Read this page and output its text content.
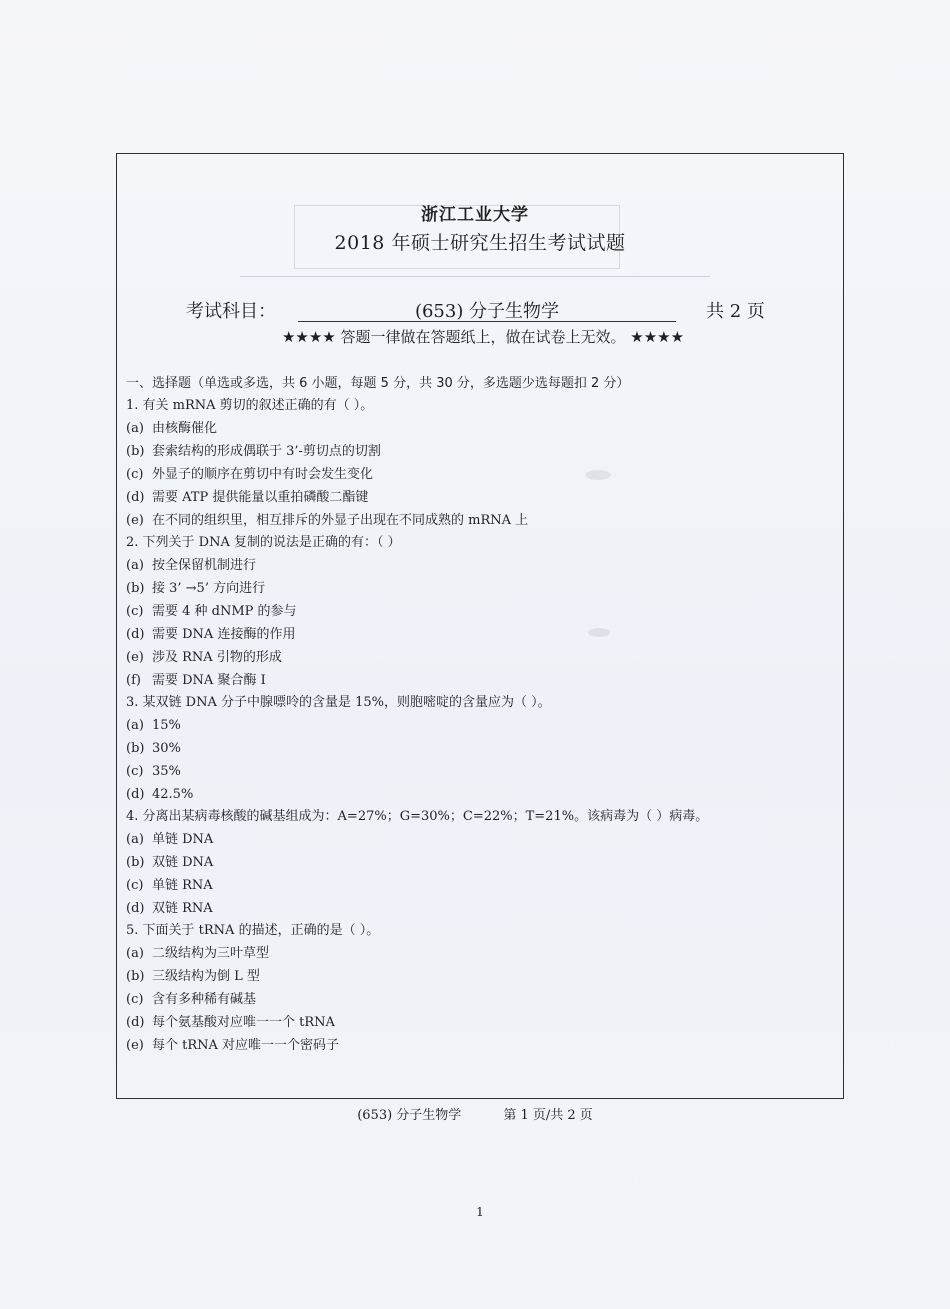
浙江工业大学
2018 年硕士研究生招生考试试题
考试科目：	(653) 分子生物学	共 2 页
★★★★ 答题一律做在答题纸上，做在试卷上无效。 ★★★★
一、选择题（单选或多选，共 6 小题，每题 5 分，共 30 分，多选题少选每题扣 2 分）
1. 有关 mRNA 剪切的叙述正确的有（ ）。
(a) 由核酶催化
(b) 套索结构的形成偶联于 3’-剪切点的切割
(c) 外显子的顺序在剪切中有时会发生变化
(d) 需要 ATP 提供能量以重拍磷酸二酯键
(e) 在不同的组织里，相互排斥的外显子出现在不同成熟的 mRNA 上
2. 下列关于 DNA 复制的说法是正确的有：（ ）
(a) 按全保留机制进行
(b) 接 3’ →5’ 方向进行
(c) 需要 4 种 dNMP 的参与
(d) 需要 DNA 连接酶的作用
(e) 涉及 RNA 引物的形成
(f) 需要 DNA 聚合酶 I
3. 某双链 DNA 分子中腺嘌呤的含量是 15%，则胞嘧啶的含量应为（ ）。
(a) 15%
(b) 30%
(c) 35%
(d) 42.5%
4. 分离出某病毒核酸的碱基组成为：A=27%；G=30%；C=22%；T=21%。该病毒为（ ）病毒。
(a) 单链 DNA
(b) 双链 DNA
(c) 单链 RNA
(d) 双链 RNA
5. 下面关于 tRNA 的描述，正确的是（ ）。
(a) 二级结构为三叶草型
(b) 三级结构为倒 L 型
(c) 含有多种稀有碱基
(d) 每个氨基酸对应唯一一个 tRNA
(e) 每个 tRNA 对应唯一一个密码子
(653) 分子生物学	第 1 页/共 2 页
1
